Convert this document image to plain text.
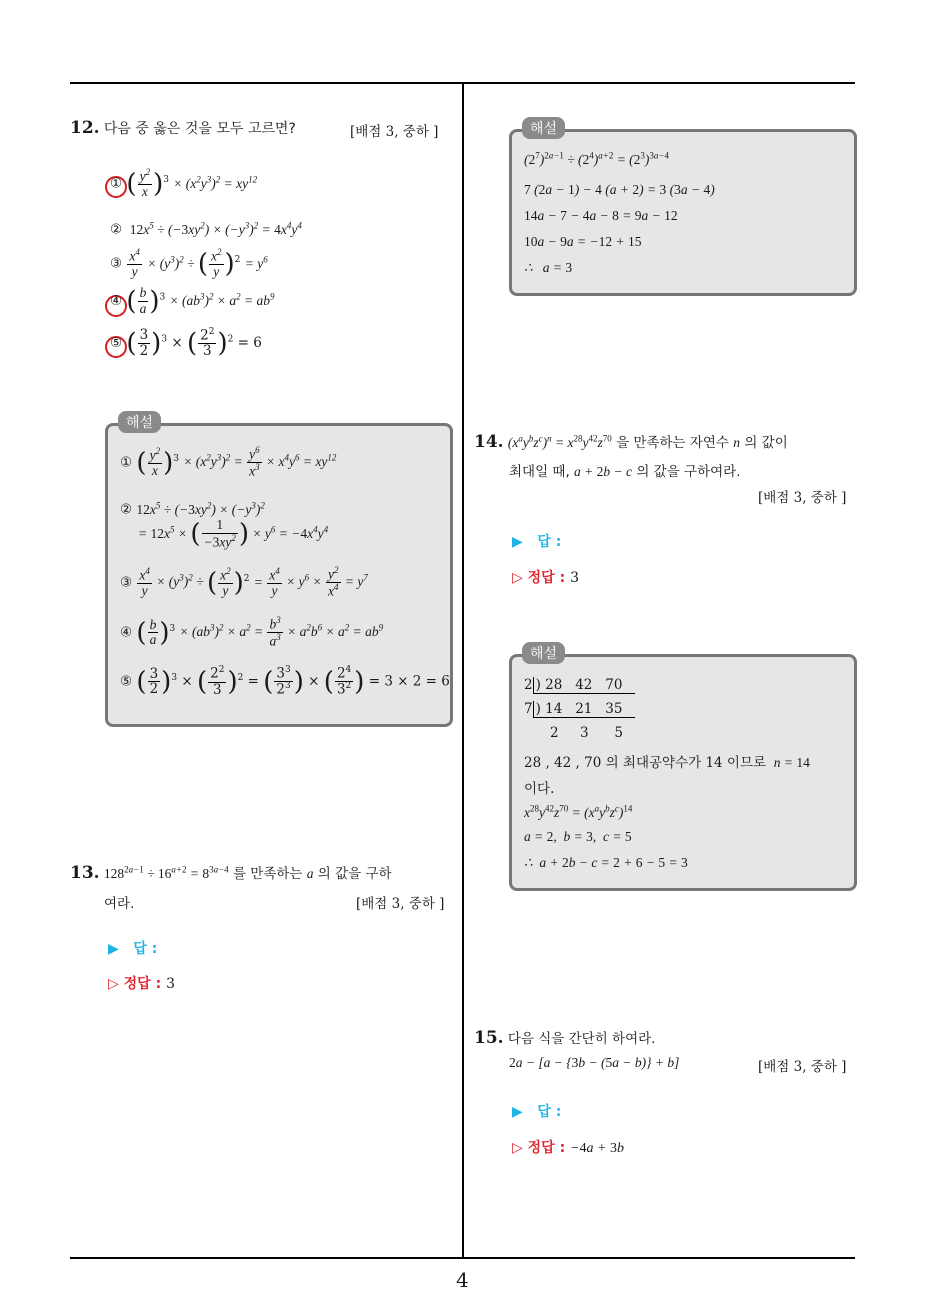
4
12. 다음 중 옳은 것을 모두 고르면?	[배점 3, 중하 ]
① ( $\frac{y^2}{x} )^3 \times (x^2y^3)^2 = xy^{12}$
② $12x^5 \div (-3xy^2) \times (-y^3)^2 = 4x^4y^4$
③ $\frac{x^4}{y} \times (y^3)^2$ ÷ ( $\frac{x^2}{y} )^2 = y^6$
④ ( $\frac{b}{a} )^3 \times (ab^3)^2 \times a^2 = ab^9$
⑤ ( $\frac{3}{2} )^3$ × ( $\frac{2^2}{3} )^2 = 6$
① ( $\frac{y^2}{x} )^3 \times (x^2y^3)^2 = \frac{y^6}{x^3} \times x^4y^6 = xy^{12}$
② $12x^5 \div (-3xy^2) \times (-y^3)^2$
= $12x^5$ × ( $\frac{1}{-3xy^2}$ ) × $y^6 = -4x^4y^4$
③ $\frac{x^4}{y} \times (y^3)^2$ ÷ ( $\frac{x^2}{y} )^2 = \frac{x^4}{y} \times y^6 \times \frac{y^2}{x^4} = y^7$
④ ( $\frac{b}{a} )^3 \times (ab^3)^2 \times a^2 = \frac{b^3}{a^3} \times a^2b^6 \times a^2 = ab^9$
⑤ ( $\frac{3}{2} )^3$ × ( $\frac{2^2}{3} )^2$ = ( $\frac{3^3}{2^3}$ ) × ( $\frac{2^4}{3^2}$ ) = 3 × 2 = 6
해설
13. $128^{2a-1} \div 16^{a+2} = 8^{3a-4}$ 를 만족하는 a 의 값을 구하
여라.	[배점 3, 중하 ]
▶ 답 :
▷ 정답 : 3
$(2^7)^{2a-1} \div (2^4)^{a+2} = (2^3)^{3a-4}$
7 (2a − 1) − 4 (a + 2) = 3 (3a − 4)
14a − 7 − 4a − 8 = 9a − 12
10a − 9a = −12 + 15
∴   a = 3
해설
14. $(x^ay^bz^c)^n = x^{28}y^{42}z^{70}$ 을 만족하는 자연수 n 의 값이
최대일 때, a + 2b − c 의 값을 구하여라.
[배점 3, 중하 ]
▶ 답 :
▷ 정답 : 3
2 ) 28   42   70
7 ) 14   21   35
2     3      5
28 , 42 , 70 의 최대공약수가 14 이므로  n = 14
이다.
$x^{28}y^{42}z^{70} = (x^ay^bz^c)^{14}$
a = 2,  b = 3,  c = 5
∴  a + 2b − c = 2 + 6 − 5 = 3
해설
15. 다음 식을 간단히 하여라.
2a − [a − {3b − (5a − b)} + b]	[배점 3, 중하 ]
▶ 답 :
▷ 정답 : −4a + 3b
